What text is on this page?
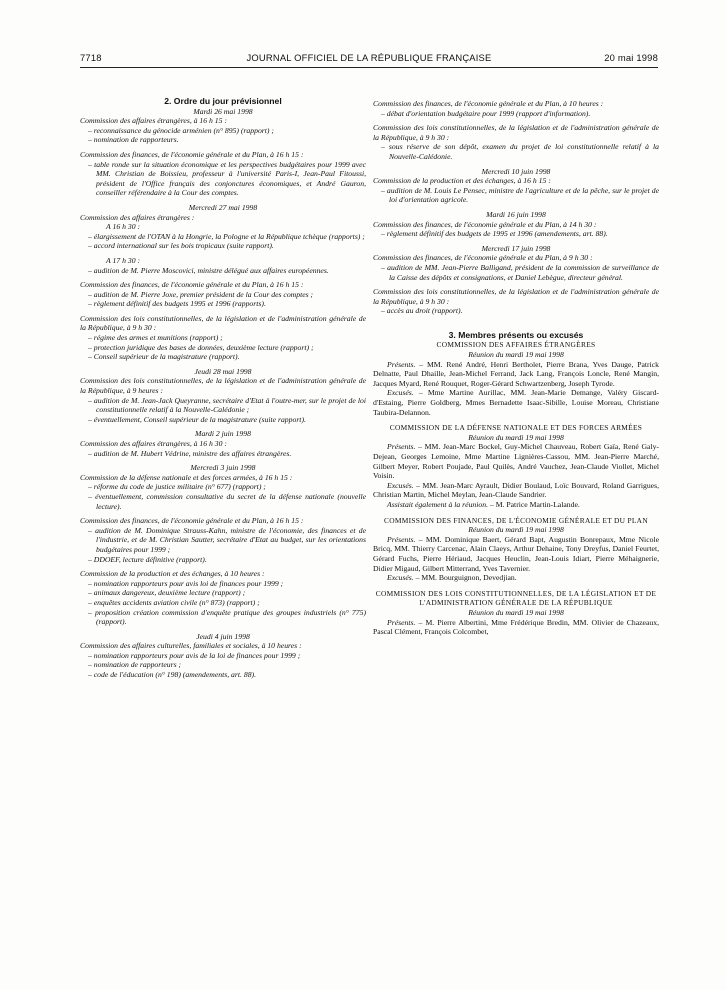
7718	JOURNAL OFFICIEL DE LA RÉPUBLIQUE FRANÇAISE	20 mai 1998

2. Ordre du jour prévisionnel

Mardi 26 mai 1998

Commission des affaires étrangères, à 16 h 15 :

– reconnaissance du génocide arménien (n° 895) (rapport) ;
– nomination de rapporteurs.

Commission des finances, de l'économie générale et du Plan, à 16 h 15 :

– table ronde sur la situation économique et les perspectives budgétaires pour 1999 avec MM. Christian de Boissieu, professeur à l'université Paris-I, Jean-Paul Fitoussi, président de l'Office français des conjonctures économiques, et André Gauron, conseiller référendaire à la Cour des comptes.

Mercredi 27 mai 1998

Commission des affaires étrangères :

A 16 h 30 :

– élargissement de l'OTAN à la Hongrie, la Pologne et la République tchèque (rapports) ;
– accord international sur les bois tropicaux (suite rapport).

A 17 h 30 :

– audition de M. Pierre Moscovici, ministre délégué aux affaires européennes.

Commission des finances, de l'économie générale et du Plan, à 16 h 15 :

– audition de M. Pierre Joxe, premier président de la Cour des comptes ;
– règlement définitif des budgets 1995 et 1996 (rapports).

Commission des lois constitutionnelles, de la législation et de l'administration générale de la République, à 9 h 30 :

– régime des armes et munitions (rapport) ;
– protection juridique des bases de données, deuxième lecture (rapport) ;
– Conseil supérieur de la magistrature (rapport).

Jeudi 28 mai 1998

Commission des lois constitutionnelles, de la législation et de l'administration générale de la République, à 9 heures :

– audition de M. Jean-Jack Queyranne, secrétaire d'Etat à l'outre-mer, sur le projet de loi constitutionnelle relatif à la Nouvelle-Calédonie ;
– éventuellement, Conseil supérieur de la magistrature (suite rapport).

Mardi 2 juin 1998

Commission des affaires étrangères, à 16 h 30 :

– audition de M. Hubert Védrine, ministre des affaires étrangères.

Mercredi 3 juin 1998

Commission de la défense nationale et des forces armées, à 16 h 15 :

– réforme du code de justice militaire (n° 677) (rapport) ;
– éventuellement, commission consultative du secret de la défense nationale (nouvelle lecture).

Commission des finances, de l'économie générale et du Plan, à 16 h 15 :

– audition de M. Dominique Strauss-Kahn, ministre de l'économie, des finances et de l'industrie, et de M. Christian Sautter, secrétaire d'Etat au budget, sur les orientations budgétaires pour 1999 ;
– DDOEF, lecture définitive (rapport).

Commission de la production et des échanges, à 10 heures :

– nomination rapporteurs pour avis loi de finances pour 1999 ;
– animaux dangereux, deuxième lecture (rapport) ;
– enquêtes accidents aviation civile (n° 873) (rapport) ;
– proposition création commission d'enquête pratique des groupes industriels (n° 775) (rapport).

Jeudi 4 juin 1998

Commission des affaires culturelles, familiales et sociales, à 10 heures :

– nomination rapporteurs pour avis de la loi de finances pour 1999 ;
– nomination de rapporteurs ;
– code de l'éducation (n° 198) (amendements, art. 88).

Commission des finances, de l'économie générale et du Plan, à 10 heures :

– débat d'orientation budgétaire pour 1999 (rapport d'information).

Commission des lois constitutionnelles, de la législation et de l'administration générale de la République, à 9 h 30 :

– sous réserve de son dépôt, examen du projet de loi constitutionnelle relatif à la Nouvelle-Calédonie.

Mercredi 10 juin 1998

Commission de la production et des échanges, à 16 h 15 :

– audition de M. Louis Le Pensec, ministre de l'agriculture et de la pêche, sur le projet de loi d'orientation agricole.

Mardi 16 juin 1998

Commission des finances, de l'économie générale et du Plan, à 14 h 30 :

– règlement définitif des budgets de 1995 et 1996 (amendements, art. 88).

Mercredi 17 juin 1998

Commission des finances, de l'économie générale et du Plan, à 9 h 30 :

– audition de MM. Jean-Pierre Balligand, président de la commission de surveillance de la Caisse des dépôts et consignations, et Daniel Lebègue, directeur général.

Commission des lois constitutionnelles, de la législation et de l'administration générale de la République, à 9 h 30 :

– accès au droit (rapport).

3. Membres présents ou excusés

COMMISSION DES AFFAIRES ÉTRANGÈRES

Réunion du mardi 19 mai 1998

Présents. – MM. René André, Henri Bertholet, Pierre Brana, Yves Dauge, Patrick Delnatte, Paul Dhaille, Jean-Michel Ferrand, Jack Lang, François Loncle, René Mangin, Jacques Myard, René Rouquet, Roger-Gérard Schwartzenberg, Joseph Tyrode.

Excusés. – Mme Martine Aurillac, MM. Jean-Marie Demange, Valéry Giscard-d'Estaing, Pierre Goldberg, Mmes Bernadette Isaac-Sibille, Louise Moreau, Christiane Taubira-Delannon.

COMMISSION DE LA DÉFENSE NATIONALE ET DES FORCES ARMÉES

Réunion du mardi 19 mai 1998

Présents. – MM. Jean-Marc Bockel, Guy-Michel Chauveau, Robert Gaïa, René Galy-Dejean, Georges Lemoine, Mme Martine Lignières-Cassou, MM. Jean-Pierre Marché, Gilbert Meyer, Robert Poujade, Paul Quilès, André Vauchez, Jean-Claude Viollet, Michel Voisin.

Excusés. – MM. Jean-Marc Ayrault, Didier Boulaud, Loïc Bouvard, Roland Garrigues, Christian Martin, Michel Meylan, Jean-Claude Sandrier.

Assistait également à la réunion. – M. Patrice Martin-Lalande.

COMMISSION DES FINANCES, DE L'ÉCONOMIE GÉNÉRALE ET DU PLAN

Réunion du mardi 19 mai 1998

Présents. – MM. Dominique Baert, Gérard Bapt, Augustin Bonrepaux, Mme Nicole Bricq, MM. Thierry Carcenac, Alain Claeys, Arthur Dehaine, Tony Dreyfus, Daniel Feurtet, Gérard Fuchs, Pierre Hériaud, Jacques Heuclin, Jean-Louis Idiart, Pierre Méhaignerie, Didier Migaud, Gilbert Mitterrand, Yves Tavernier.

Excusés. – MM. Bourguignon, Devedjian.

COMMISSION DES LOIS CONSTITUTIONNELLES, DE LA LÉGISLATION ET DE L'ADMINISTRATION GÉNÉRALE DE LA RÉPUBLIQUE

Réunion du mardi 19 mai 1998

Présents. – M. Pierre Albertini, Mme Frédérique Bredin, MM. Olivier de Chazeaux, Pascal Clément, François Colcombet,
